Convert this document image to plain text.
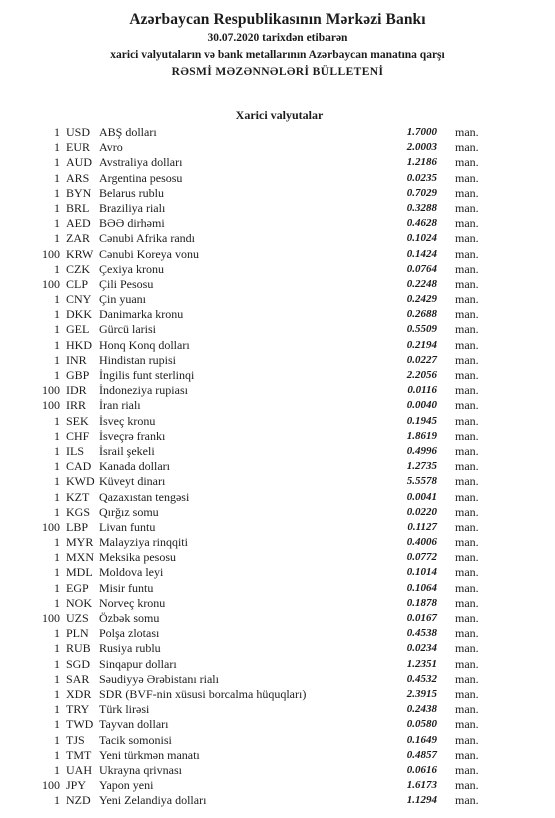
Azərbaycan Respublikasının Mərkəzi Bankı
30.07.2020 tarixdən etibarən
xarici valyutaların və bank metallarının Azərbaycan manatına qarşı
RƏSMİ MƏZƏNNƏLƏRİ BÜLLETENİ
Xarici valyutalar
1 USD ABŞ dolları	1.7000 man.
1 EUR Avro	2.0003 man.
1 AUD Avstraliya dolları	1.2186 man.
1 ARS Argentina pesosu	0.0235 man.
1 BYN Belarus rublu	0.7029 man.
1 BRL Braziliya rialı	0.3288 man.
1 AED BƏƏ dirhəmi	0.4628 man.
1 ZAR Cənubi Afrika randı	0.1024 man.
100 KRW Cənubi Koreya vonu	0.1424 man.
1 CZK Çexiya kronu	0.0764 man.
100 CLP Çili Pesosu	0.2248 man.
1 CNY Çin yuanı	0.2429 man.
1 DKK Danimarka kronu	0.2688 man.
1 GEL Gürcü larisi	0.5509 man.
1 HKD Honq Konq dolları	0.2194 man.
1 INR	Hindistan rupisi	0.0227 man.
1 GBP İngilis funt sterlinqi	2.2056 man.
100 IDR	İndoneziya rupiası	0.0116 man.
100 IRR	İran rialı	0.0040 man.
1 SEK İsveç kronu	0.1945 man.
1 CHF İsveçrə frankı	1.8619 man.
1 ILS	İsrail şekeli	0.4996 man.
1 CAD Kanada dolları	1.2735 man.
1 KWD Küveyt dinarı	5.5578 man.
1 KZT Qazaxıstan tengəsi	0.0041 man.
1 KGS Qırğız somu	0.0220 man.
100 LBP Livan funtu	0.1127 man.
1 MYR Malayziya rinqqiti	0.4006 man.
1 MXN Meksika pesosu	0.0772 man.
1 MDL Moldova leyi	0.1014 man.
1 EGP Misir funtu	0.1064 man.
1 NOK Norveç kronu	0.1878 man.
100 UZS Özbək somu	0.0167 man.
1 PLN Polşa zlotası	0.4538 man.
1 RUB Rusiya rublu	0.0234 man.
1 SGD Sinqapur dolları	1.2351 man.
1 SAR Səudiyyə Ərəbistanı rialı	0.4532 man.
1 XDR SDR (BVF-nin xüsusi borcalma hüquqları)	2.3915 man.
1 TRY Türk lirəsi	0.2438 man.
1 TWD Tayvan dolları	0.0580 man.
1 TJS	Tacik somonisi	0.1649 man.
1 TMT Yeni türkmən manatı	0.4857 man.
1 UAH Ukrayna qrivnası	0.0616 man.
100 JPY	Yapon yeni	1.6173 man.
1 NZD Yeni Zelandiya dolları	1.1294 man.
